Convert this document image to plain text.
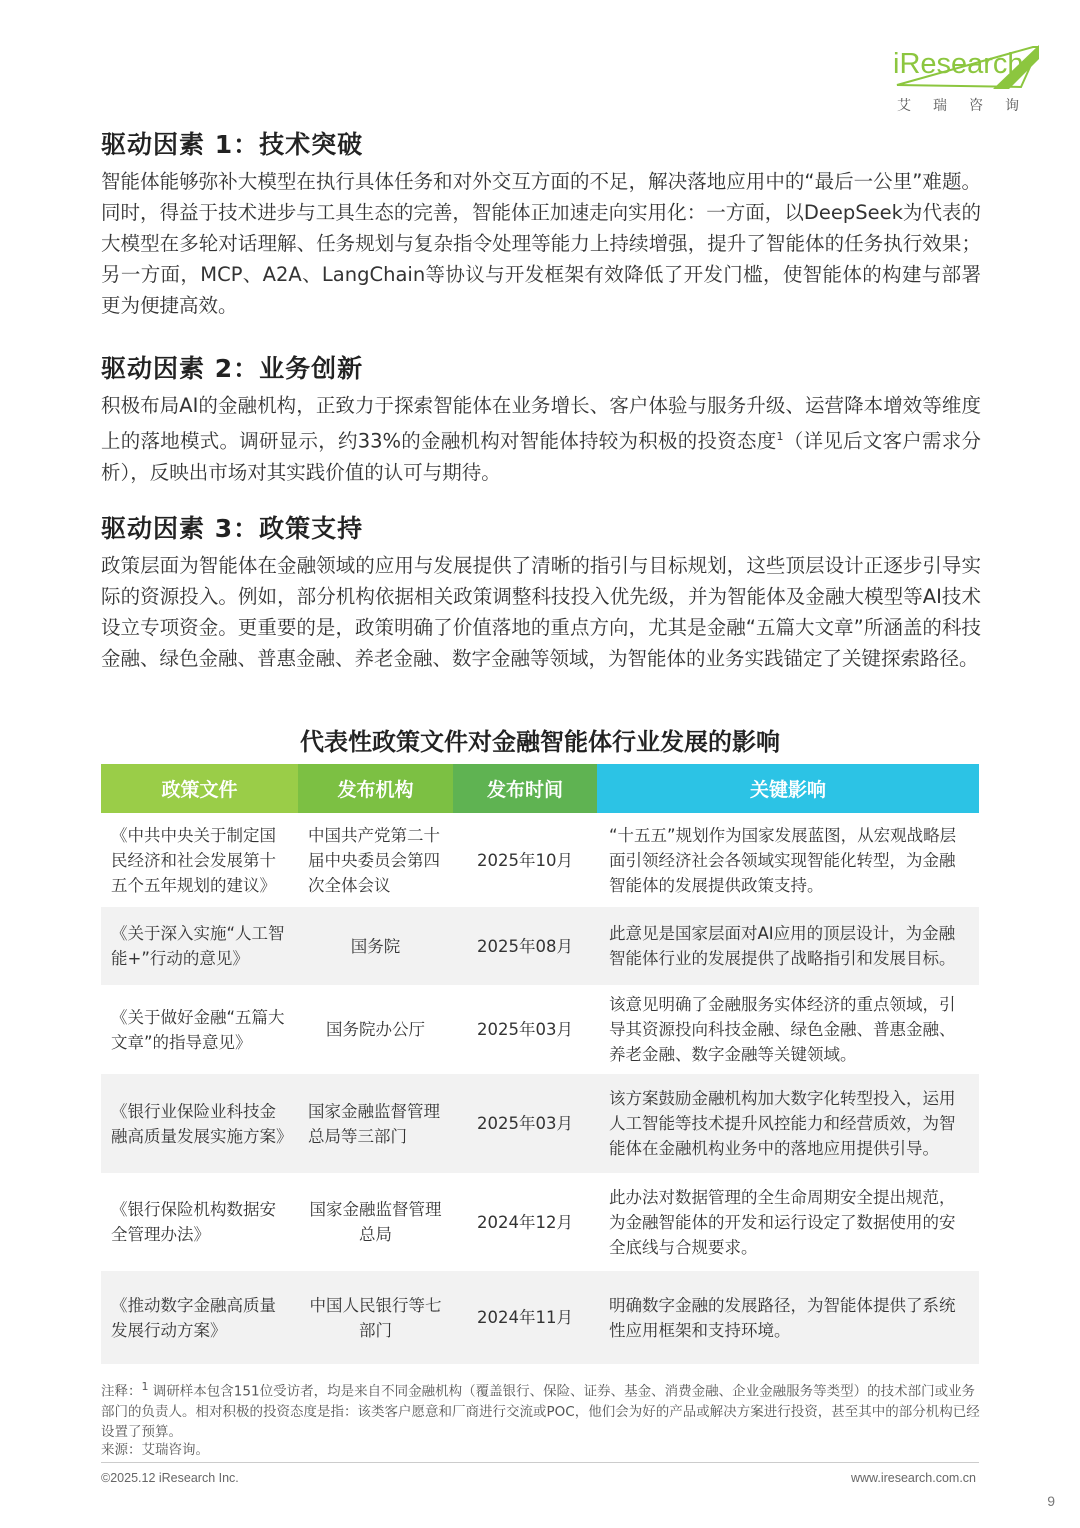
iResearch
艾瑞咨询
驱动因素 1：技术突破

智能体能够弥补大模型在执行具体任务和对外交互方面的不足，解决落地应用中的“最后一公里”难题。同时，得益于技术进步与工具生态的完善，智能体正加速走向实用化：一方面，以DeepSeek为代表的大模型在多轮对话理解、任务规划与复杂指令处理等能力上持续增强，提升了智能体的任务执行效果；另一方面，MCP、A2A、LangChain等协议与开发框架有效降低了开发门槛，使智能体的构建与部署更为便捷高效。

驱动因素 2：业务创新

积极布局AI的金融机构，正致力于探索智能体在业务增长、客户体验与服务升级、运营降本增效等维度上的落地模式。调研显示，约33%的金融机构对智能体持较为积极的投资态度$^1$（详见后文客户需求分析），反映出市场对其实践价值的认可与期待。

驱动因素 3：政策支持

政策层面为智能体在金融领域的应用与发展提供了清晰的指引与目标规划，这些顶层设计正逐步引导实际的资源投入。例如，部分机构依据相关政策调整科技投入优先级，并为智能体及金融大模型等AI技术设立专项资金。更重要的是，政策明确了价值落地的重点方向，尤其是金融“五篇大文章”所涵盖的科技金融、绿色金融、普惠金融、养老金融、数字金融等领域，为智能体的业务实践锚定了关键探索路径。

代表性政策文件对金融智能体行业发展的影响
政策文件	发布机构	发布时间	关键影响
《中共中央关于制定国民经济和社会发展第十五个五年规划的建议》	中国共产党第二十届中央委员会第四次全体会议	2025年10月	“十五五”规划作为国家发展蓝图，从宏观战略层面引领经济社会各领域实现智能化转型，为金融智能体的发展提供政策支持。
《关于深入实施“人工智能+”行动的意见》	国务院	2025年08月	此意见是国家层面对AI应用的顶层设计，为金融智能体行业的发展提供了战略指引和发展目标。
《关于做好金融“五篇大文章”的指导意见》	国务院办公厅	2025年03月	该意见明确了金融服务实体经济的重点领域，引导其资源投向科技金融、绿色金融、普惠金融、养老金融、数字金融等关键领域。
《银行业保险业科技金融高质量发展实施方案》	国家金融监督管理总局等三部门	2025年03月	该方案鼓励金融机构加大数字化转型投入，运用人工智能等技术提升风控能力和经营质效，为智能体在金融机构业务中的落地应用提供引导。
《银行保险机构数据安全管理办法》	国家金融监督管理总局	2024年12月	此办法对数据管理的全生命周期安全提出规范，为金融智能体的开发和运行设定了数据使用的安全底线与合规要求。
《推动数字金融高质量发展行动方案》	中国人民银行等七部门	2024年11月	明确数字金融的发展路径，为智能体提供了系统性应用框架和支持环境。
注释：$^1$ 调研样本包含151位受访者，均是来自不同金融机构（覆盖银行、保险、证券、基金、消费金融、企业金融服务等类型）的技术部门或业务部门的负责人。相对积极的投资态度是指：该类客户愿意和厂商进行交流或POC，他们会为好的产品或解决方案进行投资，甚至其中的部分机构已经设置了预算。
来源：艾瑞咨询。
©2025.12 iResearch Inc.	www.iresearch.com.cn
9
